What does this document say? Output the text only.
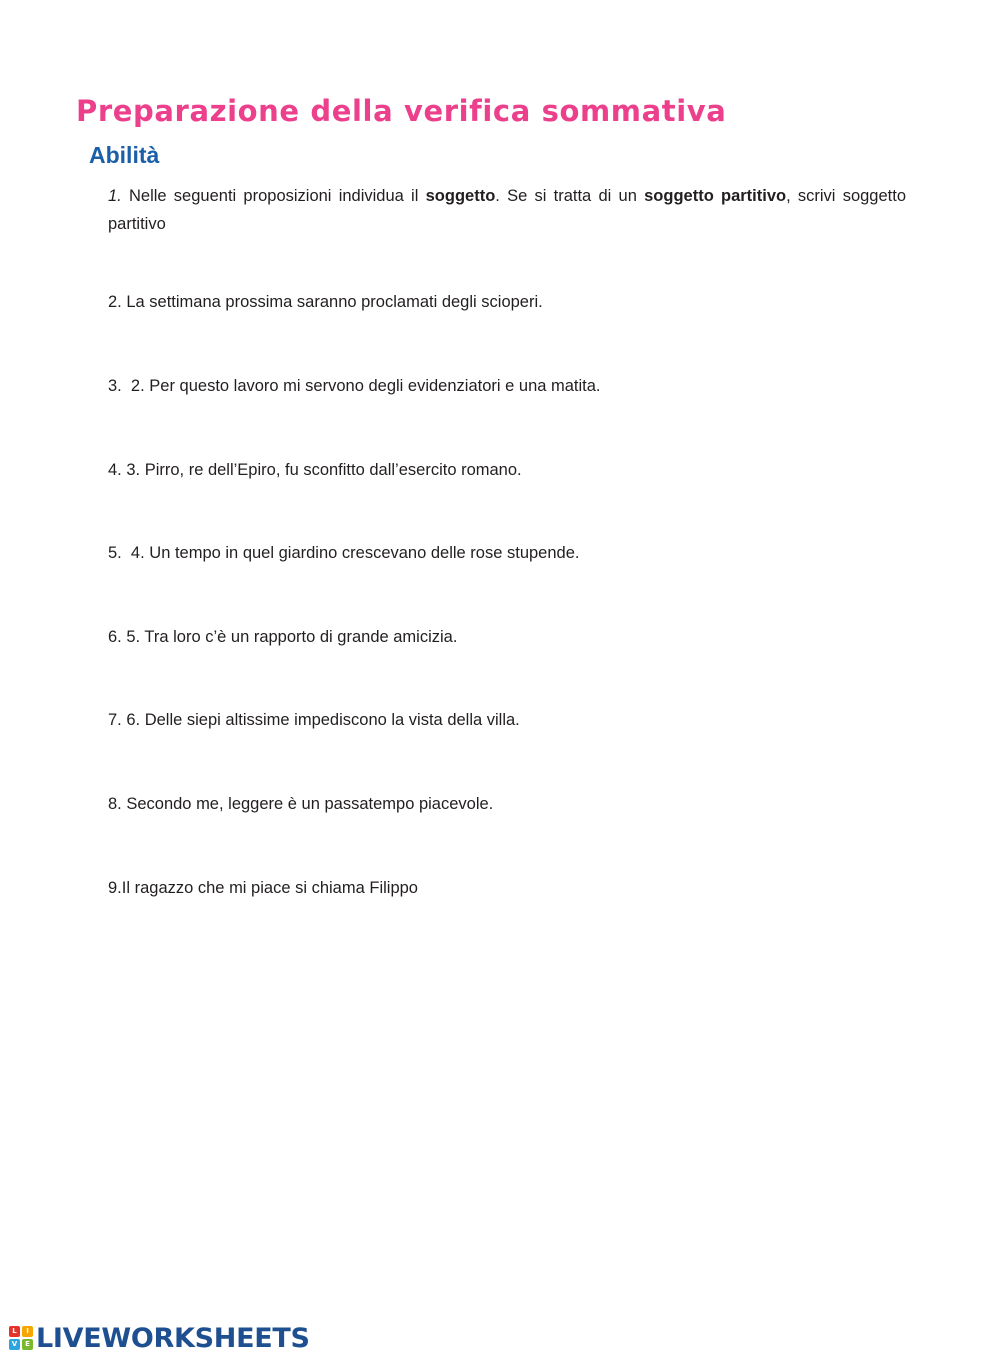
Preparazione della verifica sommativa
Abilità

1. Nelle seguenti proposizioni individua il soggetto. Se si tratta di un soggetto partitivo, scrivi soggetto partitivo

2. La settimana prossima saranno proclamati degli scioperi.

3.  2. Per questo lavoro mi servono degli evidenziatori e una matita.

4. 3. Pirro, re dell’Epiro, fu sconfitto dall’esercito romano.

5.  4. Un tempo in quel giardino crescevano delle rose stupende.

6. 5. Tra loro c’è un rapporto di grande amicizia.

7. 6. Delle siepi altissime impediscono la vista della villa.

8. Secondo me, leggere è un passatempo piacevole.

9.Il ragazzo che mi piace si chiama Filippo

L	I
V	E LIVEWORKSHEETS
